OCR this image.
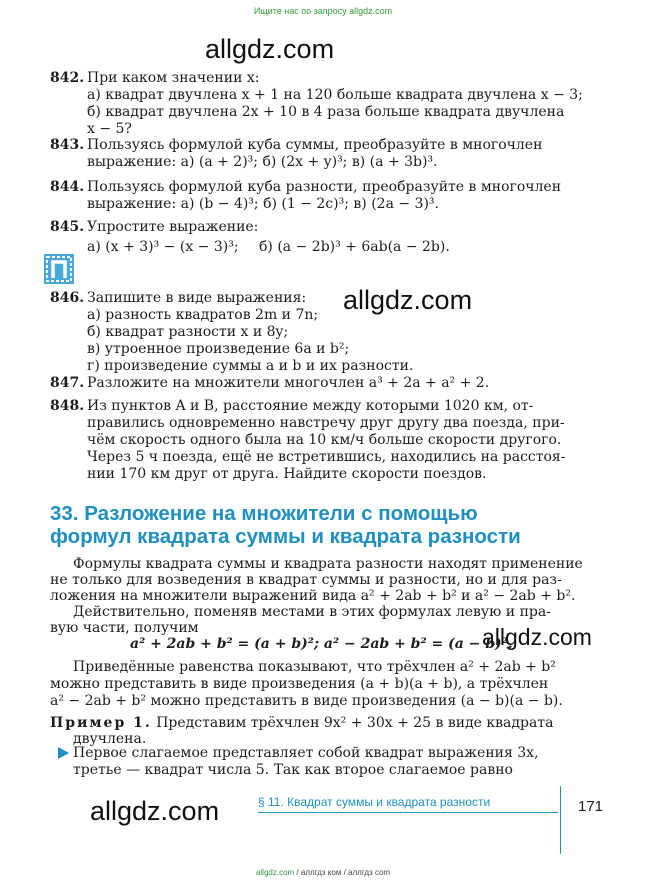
Ищите нас по запросу allgdz.com
allgdz.com
allgdz.com
allgdz.com
allgdz.com
842. При каком значении x:
а) квадрат двучлена x + 1 на 120 больше квадрата двучлена x − 3;
б) квадрат двучлена 2x + 10 в 4 раза больше квадрата двучлена
x − 5?
843. Пользуясь формулой куба суммы, преобразуйте в многочлен
выражение: а) (a + 2)³; б) (2x + y)³; в) (a + 3b)³.
844. Пользуясь формулой куба разности, преобразуйте в многочлен
выражение: а) (b − 4)³; б) (1 − 2c)³; в) (2a − 3)³.
845. Упростите выражение:
а) (x + 3)³ − (x − 3)³; б) (a − 2b)³ + 6ab(a − 2b).
846. Запишите в виде выражения:
а) разность квадратов 2m и 7n;
б) квадрат разности x и 8y;
в) утроенное произведение 6a и b²;
г) произведение суммы a и b и их разности.
847. Разложите на множители многочлен a³ + 2a + a² + 2.
848. Из пунктов A и B, расстояние между которыми 1020 км, от-
правились одновременно навстречу друг другу два поезда, при-
чём скорость одного была на 10 км/ч больше скорости другого.
Через 5 ч поезда, ещё не встретившись, находились на расстоя-
нии 170 км друг от друга. Найдите скорости поездов.
33. Разложение на множители с помощью
формул квадрата суммы и квадрата разности
Формулы квадрата суммы и квадрата разности находят применение
не только для возведения в квадрат суммы и разности, но и для раз-
ложения на множители выражений вида a² + 2ab + b² и a² − 2ab + b².
Действительно, поменяв местами в этих формулах левую и пра-
вую части, получим
a² + 2ab + b² = (a + b)²; a² − 2ab + b² = (a − b)².
Приведённые равенства показывают, что трёхчлен a² + 2ab + b²
можно представить в виде произведения (a + b)(a + b), а трёхчлен
a² − 2ab + b² можно представить в виде произведения (a − b)(a − b).
Пример 1. Представим трёхчлен 9x² + 30x + 25 в виде квадрата
двучлена.
Первое слагаемое представляет собой квадрат выражения 3x,
третье — квадрат числа 5. Так как второе слагаемое равно
§ 11. Квадрат суммы и квадрата разности	171
allgdz.com / аллгдз ком / аллгдз com
